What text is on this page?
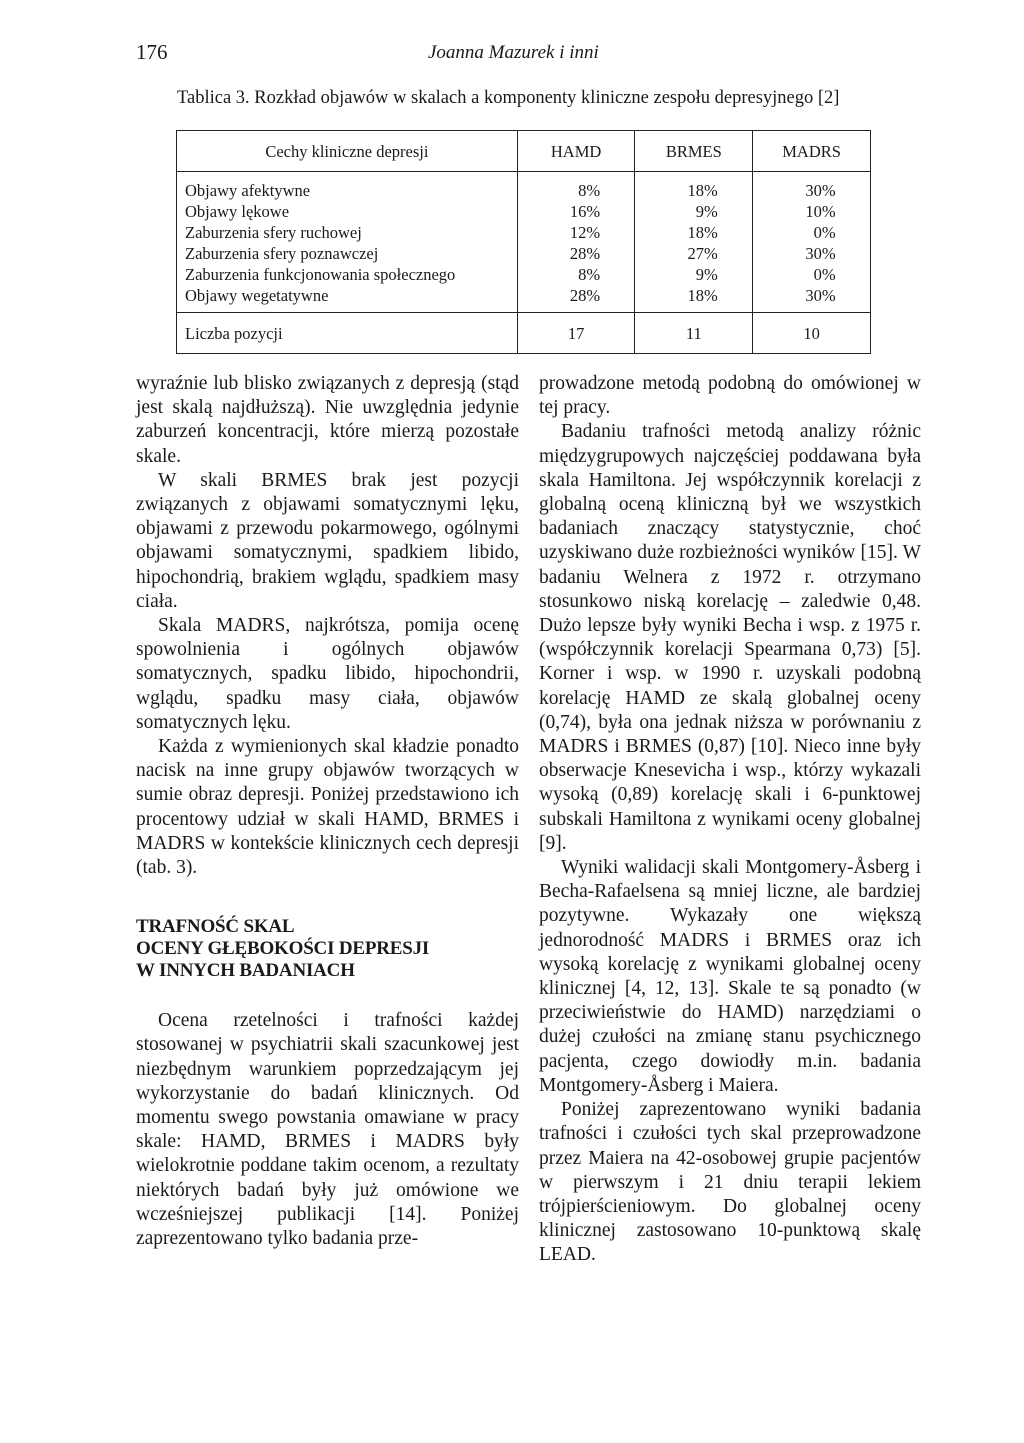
176	Joanna Mazurek i inni
Tablica 3. Rozkład objawów w skalach a komponenty kliniczne zespołu depresyjnego [2]
Cechy kliniczne depresji	HAMD	BRMES	MADRS
Objawy afektywne	8%	18%	30%
Objawy lękowe	16%	9%	10%
Zaburzenia sfery ruchowej	12%	18%	0%
Zaburzenia sfery poznawczej	28%	27%	30%
Zaburzenia funkcjonowania społecznego	8%	9%	0%
Objawy wegetatywne	28%	18%	30%
Liczba pozycji	17	11	10

wyraźnie lub blisko związanych z depresją (stąd jest skalą najdłuższą). Nie uwzględnia jedynie zaburzeń koncentracji, które mierzą pozostałe skale.

W skali BRMES brak jest pozycji związanych z objawami somatycznymi lęku, objawami z przewodu pokarmowego, ogólnymi objawami somatycznymi, spadkiem libido, hipochondrią, brakiem wglądu, spadkiem masy ciała.

Skala MADRS, najkrótsza, pomija ocenę spowolnienia i ogólnych objawów somatycznych, spadku libido, hipochondrii, wglądu, spadku masy ciała, objawów somatycznych lęku.

Każda z wymienionych skal kładzie ponadto nacisk na inne grupy objawów tworzących w sumie obraz depresji. Poniżej przedstawiono ich procentowy udział w skali HAMD, BRMES i MADRS w kontekście klinicznych cech depresji (tab. 3).

TRAFNOŚĆ SKAL
OCENY GŁĘBOKOŚCI DEPRESJI
W INNYCH BADANIACH

Ocena rzetelności i trafności każdej stosowanej w psychiatrii skali szacunkowej jest niezbędnym warunkiem poprzedzającym jej wykorzystanie do badań klinicznych. Od momentu swego powstania omawiane w pracy skale: HAMD, BRMES i MADRS były wielokrotnie poddane takim ocenom, a rezultaty niektórych badań były już omówione we wcześniejszej publikacji [14]. Poniżej zaprezentowano tylko badania prze-

prowadzone metodą podobną do omówionej w tej pracy.

Badaniu trafności metodą analizy różnic międzygrupowych najczęściej poddawana była skala Hamiltona. Jej współczynnik korelacji z globalną oceną kliniczną był we wszystkich badaniach znaczący statystycznie, choć uzyskiwano duże rozbieżności wyników [15]. W badaniu Welnera z 1972 r. otrzymano stosunkowo niską korelację – zaledwie 0,48. Dużo lepsze były wyniki Becha i wsp. z 1975 r. (współczynnik korelacji Spearmana 0,73) [5]. Korner i wsp. w 1990 r. uzyskali podobną korelację HAMD ze skalą globalnej oceny (0,74), była ona jednak niższa w porównaniu z MADRS i BRMES (0,87) [10]. Nieco inne były obserwacje Knesevicha i wsp., którzy wykazali wysoką (0,89) korelację skali i 6-punktowej subskali Hamiltona z wynikami oceny globalnej [9].

Wyniki walidacji skali Montgomery-Åsberg i Becha-Rafaelsena są mniej liczne, ale bardziej pozytywne. Wykazały one większą jednorodność MADRS i BRMES oraz ich wysoką korelację z wynikami globalnej oceny klinicznej [4, 12, 13]. Skale te są ponadto (w przeciwieństwie do HAMD) narzędziami o dużej czułości na zmianę stanu psychicznego pacjenta, czego dowiodły m.in. badania Montgomery-Åsberg i Maiera.

Poniżej zaprezentowano wyniki badania trafności i czułości tych skal przeprowadzone przez Maiera na 42-osobowej grupie pacjentów w pierwszym i 21 dniu terapii lekiem trójpierścieniowym. Do globalnej oceny klinicznej zastosowano 10-punktową skalę LEAD.
